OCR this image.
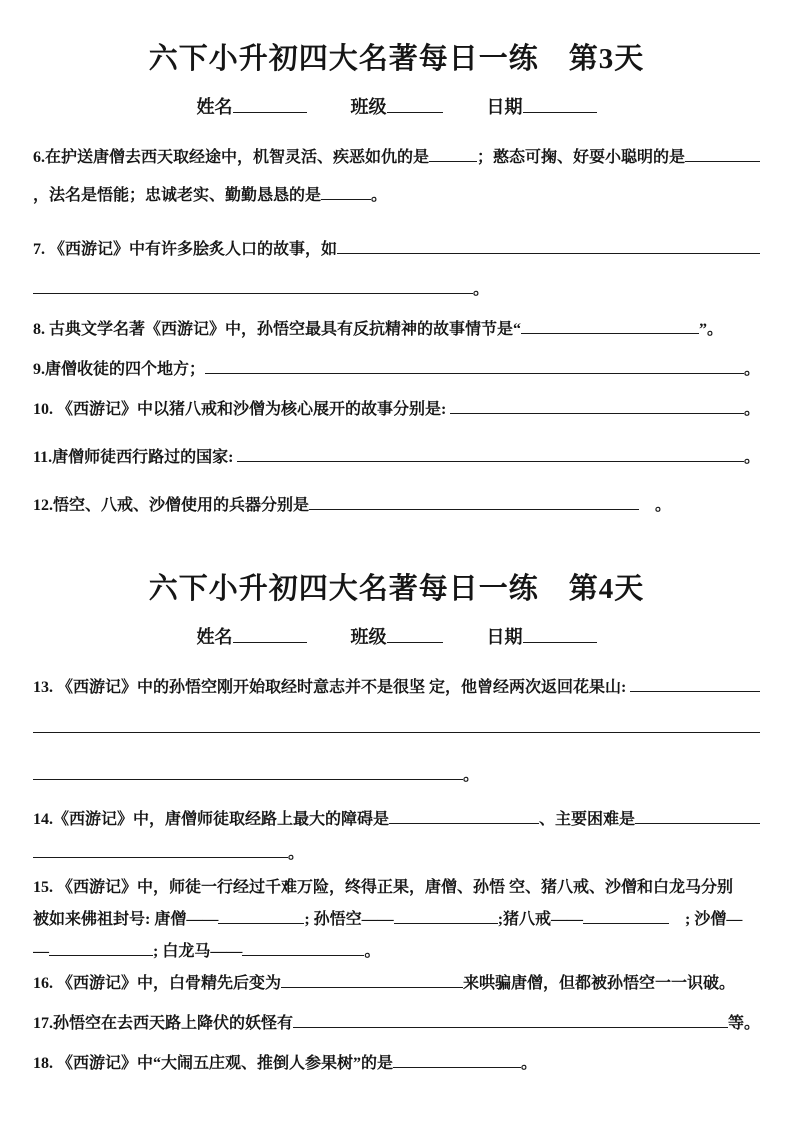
六下小升初四大名著每日一练　第3天
姓名	班级	日期
6.在护送唐僧去西天取经途中，机智灵活、疾恶如仇的是	；憨态可掬、好耍小聪明的是
，法名是悟能；忠诚老实、勤勤恳恳的是	。
7. 《西游记》中有许多脍炙人口的故事，如
。
8. 古典文学名著《西游记》中，孙悟空最具有反抗精神的故事情节是“	”。
9.唐僧收徒的四个地方；	。
10. 《西游记》中以猪八戒和沙僧为核心展开的故事分别是:	。
11.唐僧师徒西行路过的国家:	。
12.悟空、八戒、沙僧使用的兵器分别是	　。
六下小升初四大名著每日一练　第4天
姓名	班级	日期
13. 《西游记》中的孙悟空刚开始取经时意志并不是很坚 定，他曾经两次返回花果山:
。
14.《西游记》中，唐僧师徒取经路上最大的障碍是	、主要困难是
。
15. 《西游记》中，师徒一行经过千难万险，终得正果，唐僧、孙悟 空、猪八戒、沙僧和白龙马分别
被如来佛祖封号: 唐僧——	; 孙悟空——	;猪八戒——	　; 沙僧—
—	; 白龙马——	。
16. 《西游记》中，白骨精先后变为	来哄骗唐僧，但都被孙悟空一一识破。
17.孙悟空在去西天路上降伏的妖怪有	等。
18. 《西游记》中“大闹五庄观、推倒人参果树”的是	。
